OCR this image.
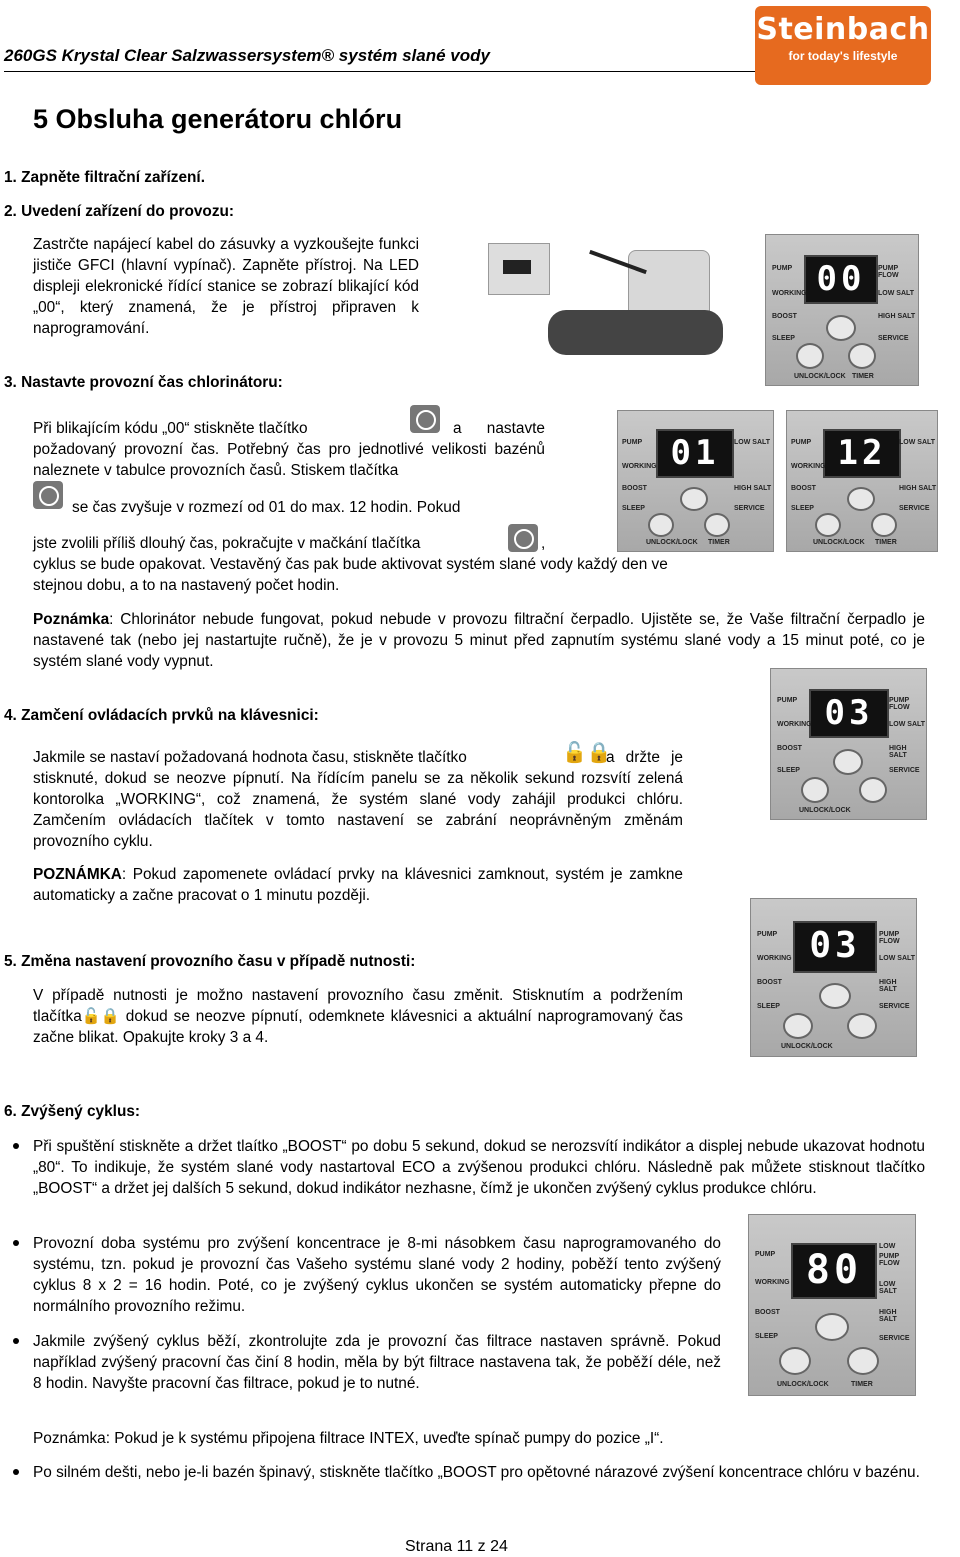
260GS Krystal Clear Salzwassersystem® systém slané vody
Steinbach
for today's lifestyle
5 Obsluha generátoru chlóru
1. Zapněte filtrační zařízení.
2. Uvedení zařízení do provozu:
Zastrčte napájecí kabel do zásuvky a vyzkoušejte funkci jističe GFCI (hlavní vypínač). Zapněte přístroj. Na LED displeji elekronické řídící stanice se zobrazí blikající kód „00“, který znamená, že je přístroj připraven k naprogramování.
3. Nastavte provozní čas chlorinátoru:
00
PUMP
WORKING
BOOST
SLEEP
PUMP FLOW
LOW SALT
HIGH SALT
SERVICE
UNLOCK/LOCK TIMER
Při blikajícím kódu „00“ stiskněte tlačítko	a nastavte požadovaný provozní čas. Potřebný čas pro jednotlivé velikosti bazénů naleznete v tabulce provozních časů. Stiskem tlačítka
se čas zvyšuje v rozmezí od 01 do max. 12 hodin. Pokud
jste zvolili příliš dlouhý čas, pokračujte v mačkání tlačítka	,
cyklus se bude opakovat. Vestavěný čas pak bude aktivovat systém slané vody každý den ve stejnou dobu, a to na nastavený počet hodin.
01
PUMP
WORKING
BOOST
SLEEP
LOW SALT
HIGH SALT
SERVICE
UNLOCK/LOCK TIMER
12
PUMP
WORKING
BOOST
SLEEP
LOW SALT
HIGH SALT
SERVICE
UNLOCK/LOCK TIMER
Poznámka: Chlorinátor nebude fungovat, pokud nebude v provozu filtrační čerpadlo. Ujistěte se, že Vaše filtrační čerpadlo je nastavené tak (nebo jej nastartujte ručně), že je v provozu 5 minut před zapnutím systému slané vody a 15 minut poté, co je systém slané vody vypnut.
4. Zamčení ovládacích prvků na klávesnici:	03
PUMP
WORKING
BOOST
SLEEP
PUMP FLOW
LOW SALT
HIGH SALT
SERVICE
UNLOCK/LOCK
Jakmile se nastaví požadovaná hodnota času, stiskněte tlačítko	🔓🔒
a držte je stisknuté, dokud se neozve pípnutí. Na řídícím panelu se za několik sekund rozsvítí zelená kontorolka „WORKING“, což znamená, že systém slané vody zahájil produkci chlóru. Zamčením ovládacích tlačítek v tomto nastavení se zabrání neoprávněným změnám provozního cyklu.
POZNÁMKA: Pokud zapomenete ovládací prvky na klávesnici zamknout, systém je zamkne automaticky a začne pracovat o 1 minutu později.
03
PUMP
WORKING
BOOST
SLEEP
PUMP FLOW
LOW SALT
HIGH SALT
SERVICE
UNLOCK/LOCK
5. Změna nastavení provozního času v případě nutnosti:
V případě nutnosti je možno nastavení provozního času změnit. Stisknutím a podržením tlačítka🔓🔒 dokud se neozve pípnutí, odemknete klávesnici a aktuální naprogramovaný čas začne blikat. Opakujte kroky 3 a 4.
6. Zvýšený cyklus:
Při spuštění stiskněte a držet tlaítko „BOOST“ po dobu 5 sekund, dokud se nerozsvítí indikátor a displej nebude ukazovat hodnotu „80“. To indikuje, že systém slané vody nastartoval ECO a zvýšenou produkci chlóru. Následně pak můžete stisknout tlačítko „BOOST“ a držet jej dalších 5 sekund, dokud indikátor nezhasne, čímž je ukončen zvýšený cyklus produkce chlóru.
80
PUMP
WORKING
BOOST
SLEEP
LOW
PUMP FLOW
LOW SALT
HIGH SALT
SERVICE
UNLOCK/LOCK	TIMER
Provozní doba systému pro zvýšení koncentrace je 8-mi násobkem času naprogramovaného do systému, tzn. pokud je provozní čas Vašeho systému slané vody 2 hodiny, poběží tento zvýšený cyklus 8 x 2 = 16 hodin. Poté, co je zvýšený cyklus ukončen se systém automaticky přepne do normálního provozního režimu.
Jakmile zvýšený cyklus běží, zkontrolujte zda je provozní čas filtrace nastaven správně. Pokud například zvýšený pracovní čas činí 8 hodin, měla by být filtrace nastavena tak, že poběží déle, než 8 hodin. Navyšte pracovní čas filtrace, pokud je to nutné.
Poznámka: Pokud je k systému připojena filtrace INTEX, uveďte spínač pumpy do pozice „I“.
Po silném dešti, nebo je-li bazén špinavý, stiskněte tlačítko „BOOST pro opětovné nárazové zvýšení koncentrace chlóru v bazénu.
Strana 11 z 24
